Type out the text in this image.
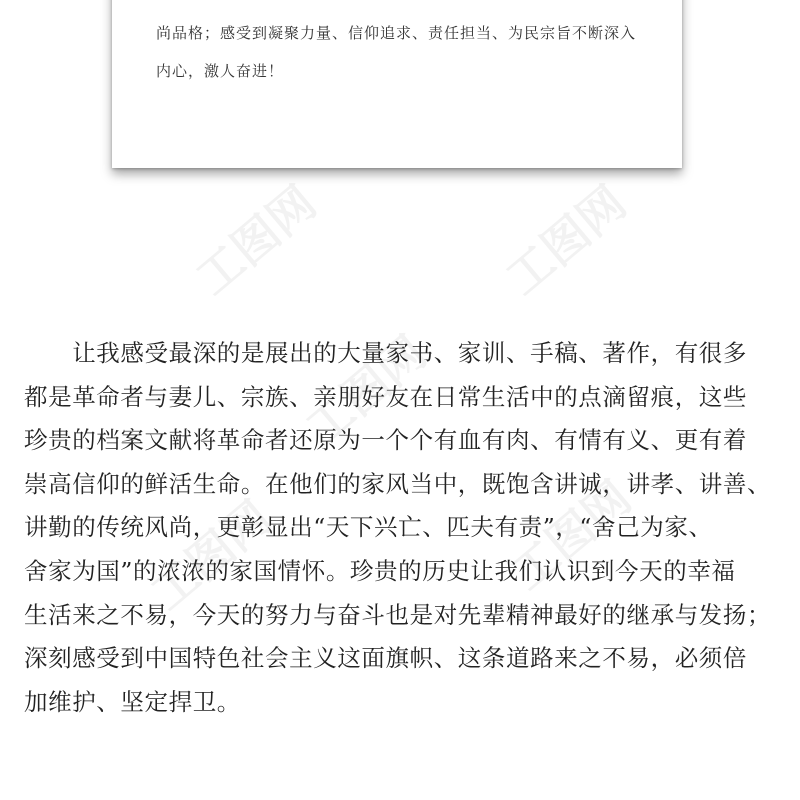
尚品格；感受到凝聚力量、信仰追求、责任担当、为民宗旨不断深入
内心，激人奋进！
工图网	工图网
工图网
工图网	工图网
　　让我感受最深的是展出的大量家书、家训、手稿、著作，有很多
都是革命者与妻儿、宗族、亲朋好友在日常生活中的点滴留痕，这些
珍贵的档案文献将革命者还原为一个个有血有肉、有情有义、更有着
崇高信仰的鲜活生命。在他们的家风当中，既饱含讲诚，讲孝、讲善、
讲勤的传统风尚，更彰显出“天下兴亡、匹夫有责”，“舍己为家、
舍家为国”的浓浓的家国情怀。珍贵的历史让我们认识到今天的幸福
生活来之不易，今天的努力与奋斗也是对先辈精神最好的继承与发扬；
深刻感受到中国特色社会主义这面旗帜、这条道路来之不易，必须倍
加维护、坚定捍卫。
